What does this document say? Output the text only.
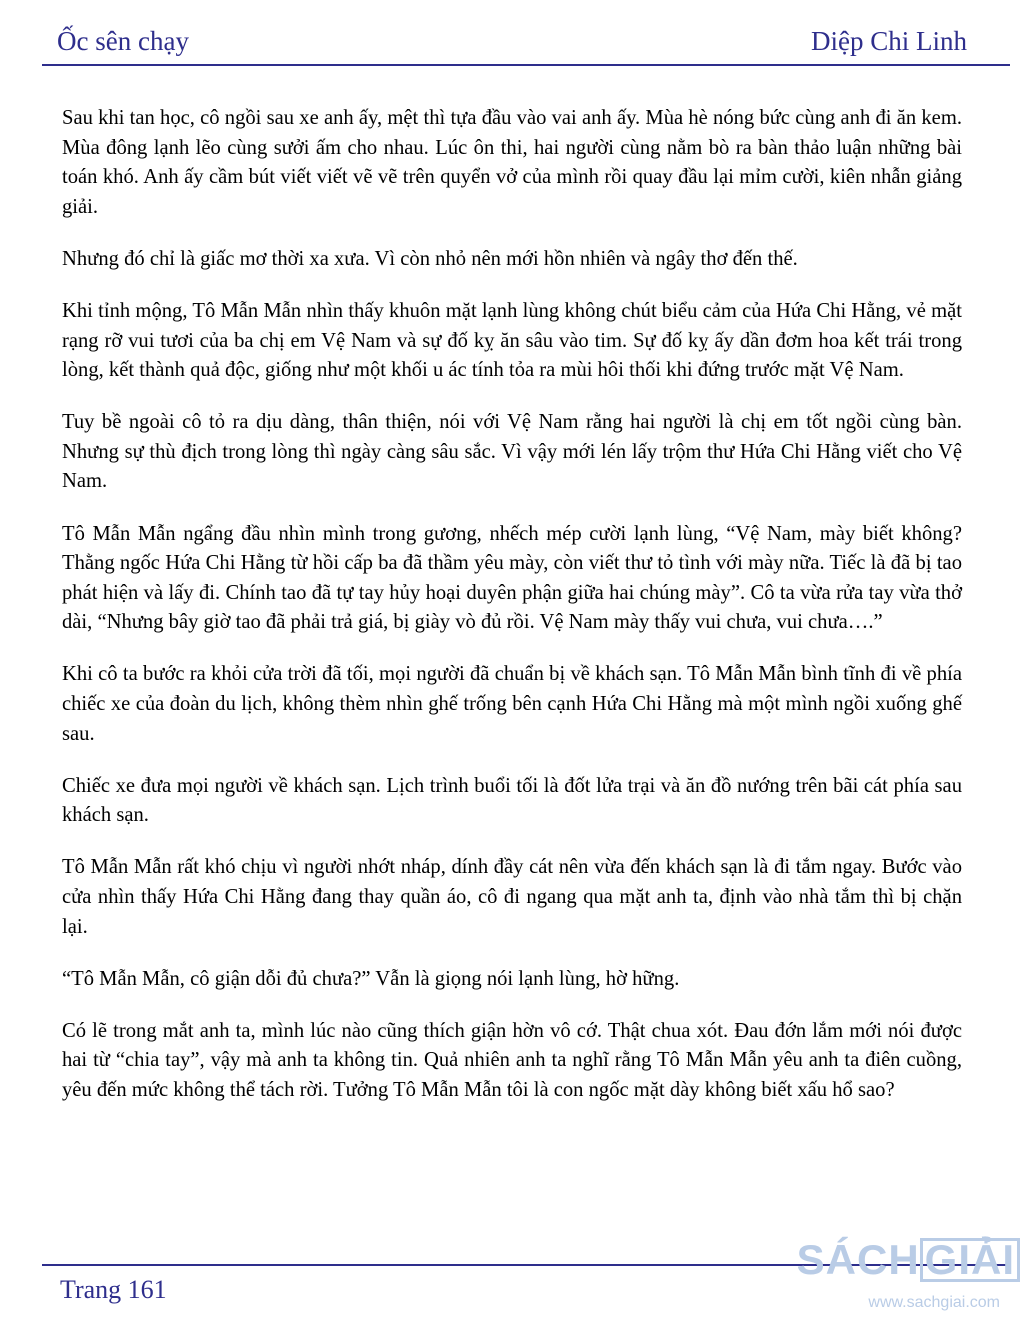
Ốc sên chạy	Diệp Chi Linh

Sau khi tan học, cô ngồi sau xe anh ấy, mệt thì tựa đầu vào vai anh ấy. Mùa hè nóng bức cùng anh đi ăn kem. Mùa đông lạnh lẽo cùng sưởi ấm cho nhau. Lúc ôn thi, hai người cùng nằm bò ra bàn thảo luận những bài toán khó. Anh ấy cầm bút viết viết vẽ vẽ trên quyển vở của mình rồi quay đầu lại mỉm cười, kiên nhẫn giảng giải.

Nhưng đó chỉ là giấc mơ thời xa xưa. Vì còn nhỏ nên mới hồn nhiên và ngây thơ đến thế.

Khi tỉnh mộng, Tô Mẫn Mẫn nhìn thấy khuôn mặt lạnh lùng không chút biểu cảm của Hứa Chi Hằng, vẻ mặt rạng rỡ vui tươi của ba chị em Vệ Nam và sự đố kỵ ăn sâu vào tim. Sự đố kỵ ấy dần đơm hoa kết trái trong lòng, kết thành quả độc, giống như một khối u ác tính tỏa ra mùi hôi thối khi đứng trước mặt Vệ Nam.

Tuy bề ngoài cô tỏ ra dịu dàng, thân thiện, nói với Vệ Nam rằng hai người là chị em tốt ngồi cùng bàn. Nhưng sự thù địch trong lòng thì ngày càng sâu sắc. Vì vậy mới lén lấy trộm thư Hứa Chi Hằng viết cho Vệ Nam.

Tô Mẫn Mẫn ngẩng đầu nhìn mình trong gương, nhếch mép cười lạnh lùng, “Vệ Nam, mày biết không? Thằng ngốc Hứa Chi Hằng từ hồi cấp ba đã thầm yêu mày, còn viết thư tỏ tình với mày nữa. Tiếc là đã bị tao phát hiện và lấy đi. Chính tao đã tự tay hủy hoại duyên phận giữa hai chúng mày”. Cô ta vừa rửa tay vừa thở dài, “Nhưng bây giờ tao đã phải trả giá, bị giày vò đủ rồi. Vệ Nam mày thấy vui chưa, vui chưa….”

Khi cô ta bước ra khỏi cửa trời đã tối, mọi người đã chuẩn bị về khách sạn. Tô Mẫn Mẫn bình tĩnh đi về phía chiếc xe của đoàn du lịch, không thèm nhìn ghế trống bên cạnh Hứa Chi Hằng mà một mình ngồi xuống ghế sau.

Chiếc xe đưa mọi người về khách sạn. Lịch trình buổi tối là đốt lửa trại và ăn đồ nướng trên bãi cát phía sau khách sạn.

Tô Mẫn Mẫn rất khó chịu vì người nhớt nháp, dính đầy cát nên vừa đến khách sạn là đi tắm ngay. Bước vào cửa nhìn thấy Hứa Chi Hằng đang thay quần áo, cô đi ngang qua mặt anh ta, định vào nhà tắm thì bị chặn lại.

“Tô Mẫn Mẫn, cô giận dỗi đủ chưa?” Vẫn là giọng nói lạnh lùng, hờ hững.

Có lẽ trong mắt anh ta, mình lúc nào cũng thích giận hờn vô cớ. Thật chua xót. Đau đớn lắm mới nói được hai từ “chia tay”, vậy mà anh ta không tin. Quả nhiên anh ta nghĩ rằng Tô Mẫn Mẫn yêu anh ta điên cuồng, yêu đến mức không thể tách rời. Tưởng Tô Mẫn Mẫn tôi là con ngốc mặt dày không biết xấu hổ sao?

Trang 161
SÁCH GIẢI
www.sachgiai.com
